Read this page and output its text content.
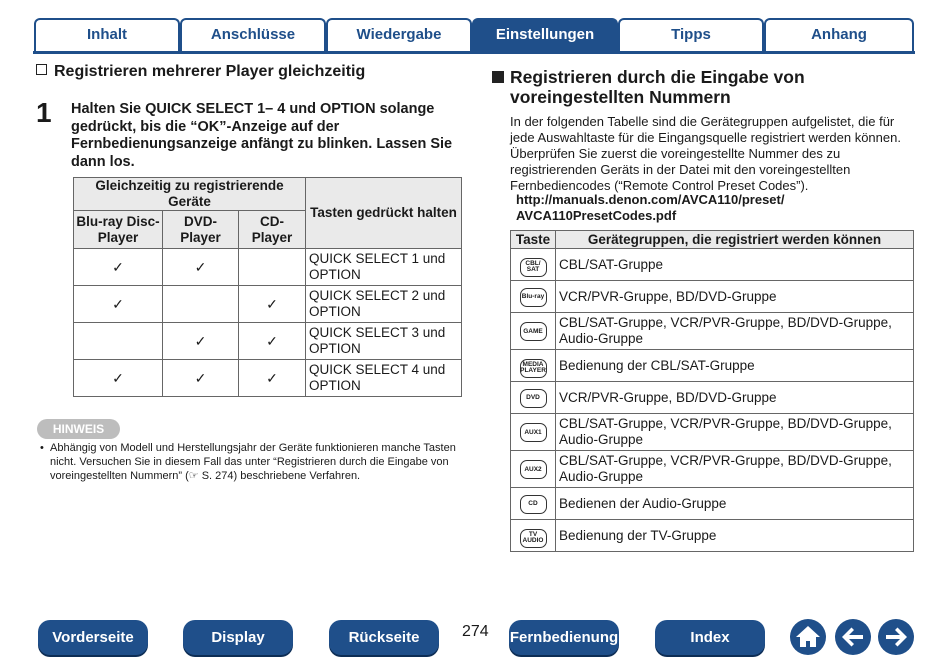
Inhalt	Anschlüsse	Wiedergabe	Einstellungen	Tipps	Anhang
Registrieren mehrerer Player gleichzeitig
1 Halten Sie QUICK SELECT 1– 4 und OPTION solange gedrückt, bis die “OK”-Anzeige auf der Fernbedienungsanzeige anfängt zu blinken. Lassen Sie dann los.
Gleichzeitig zu registrierende Geräte			Tasten gedrückt halten
Blu-ray Disc-Player	DVD-Player	CD-Player	
✓	✓		QUICK SELECT 1 und OPTION
✓		✓	QUICK SELECT 2 und OPTION
	✓	✓	QUICK SELECT 3 und OPTION
✓	✓	✓	QUICK SELECT 4 und OPTION
HINWEIS
• Abhängig von Modell und Herstellungsjahr der Geräte funktionieren manche Tasten nicht. Versuchen Sie in diesem Fall das unter “Registrieren durch die Eingabe von voreingestellten Nummern” (☞ S. 274) beschriebene Verfahren.
Registrieren durch die Eingabe von voreingestellten Nummern
In der folgenden Tabelle sind die Gerätegruppen aufgelistet, die für jede Auswahltaste für die Eingangsquelle registriert werden können. Überprüfen Sie zuerst die voreingestellte Nummer des zu registrierenden Geräts in der Datei mit den voreingestellten Fernbediencodes (“Remote Control Preset Codes”).
http://manuals.denon.com/AVCA110/preset/ AVCA110PresetCodes.pdf
Taste	Gerätegruppen, die registriert werden können
CBL/ SAT	CBL/SAT-Gruppe
Blu-ray	VCR/PVR-Gruppe, BD/DVD-Gruppe
GAME	CBL/SAT-Gruppe, VCR/PVR-Gruppe, BD/DVD-Gruppe, Audio-Gruppe
MEDIA PLAYER	Bedienung der CBL/SAT-Gruppe
DVD	VCR/PVR-Gruppe, BD/DVD-Gruppe
AUX1	CBL/SAT-Gruppe, VCR/PVR-Gruppe, BD/DVD-Gruppe, Audio-Gruppe
AUX2	CBL/SAT-Gruppe, VCR/PVR-Gruppe, BD/DVD-Gruppe, Audio-Gruppe
CD	Bedienen der Audio-Gruppe
TV AUDIO	Bedienung der TV-Gruppe
Vorderseite	Display	Rückseite	274 Fernbedienung	Index
